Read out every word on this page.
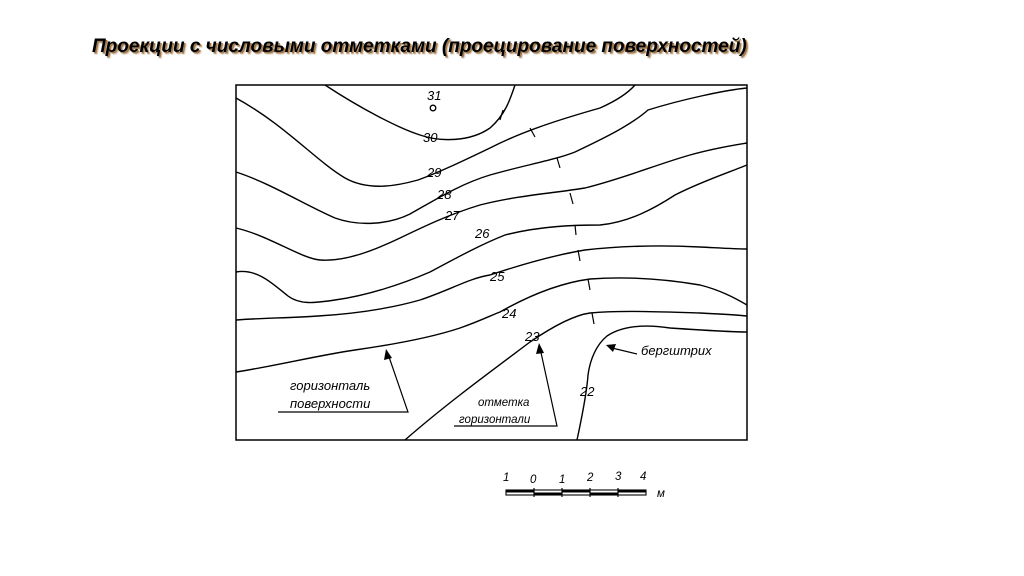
Проекции с числовыми отметками (проецирование поверхностей)
31
30
29
28
27
26
25
24
23
22
горизонталь
поверхности	отметка
горизонтали
бергштрих
1 0 1 2 3 4
м
